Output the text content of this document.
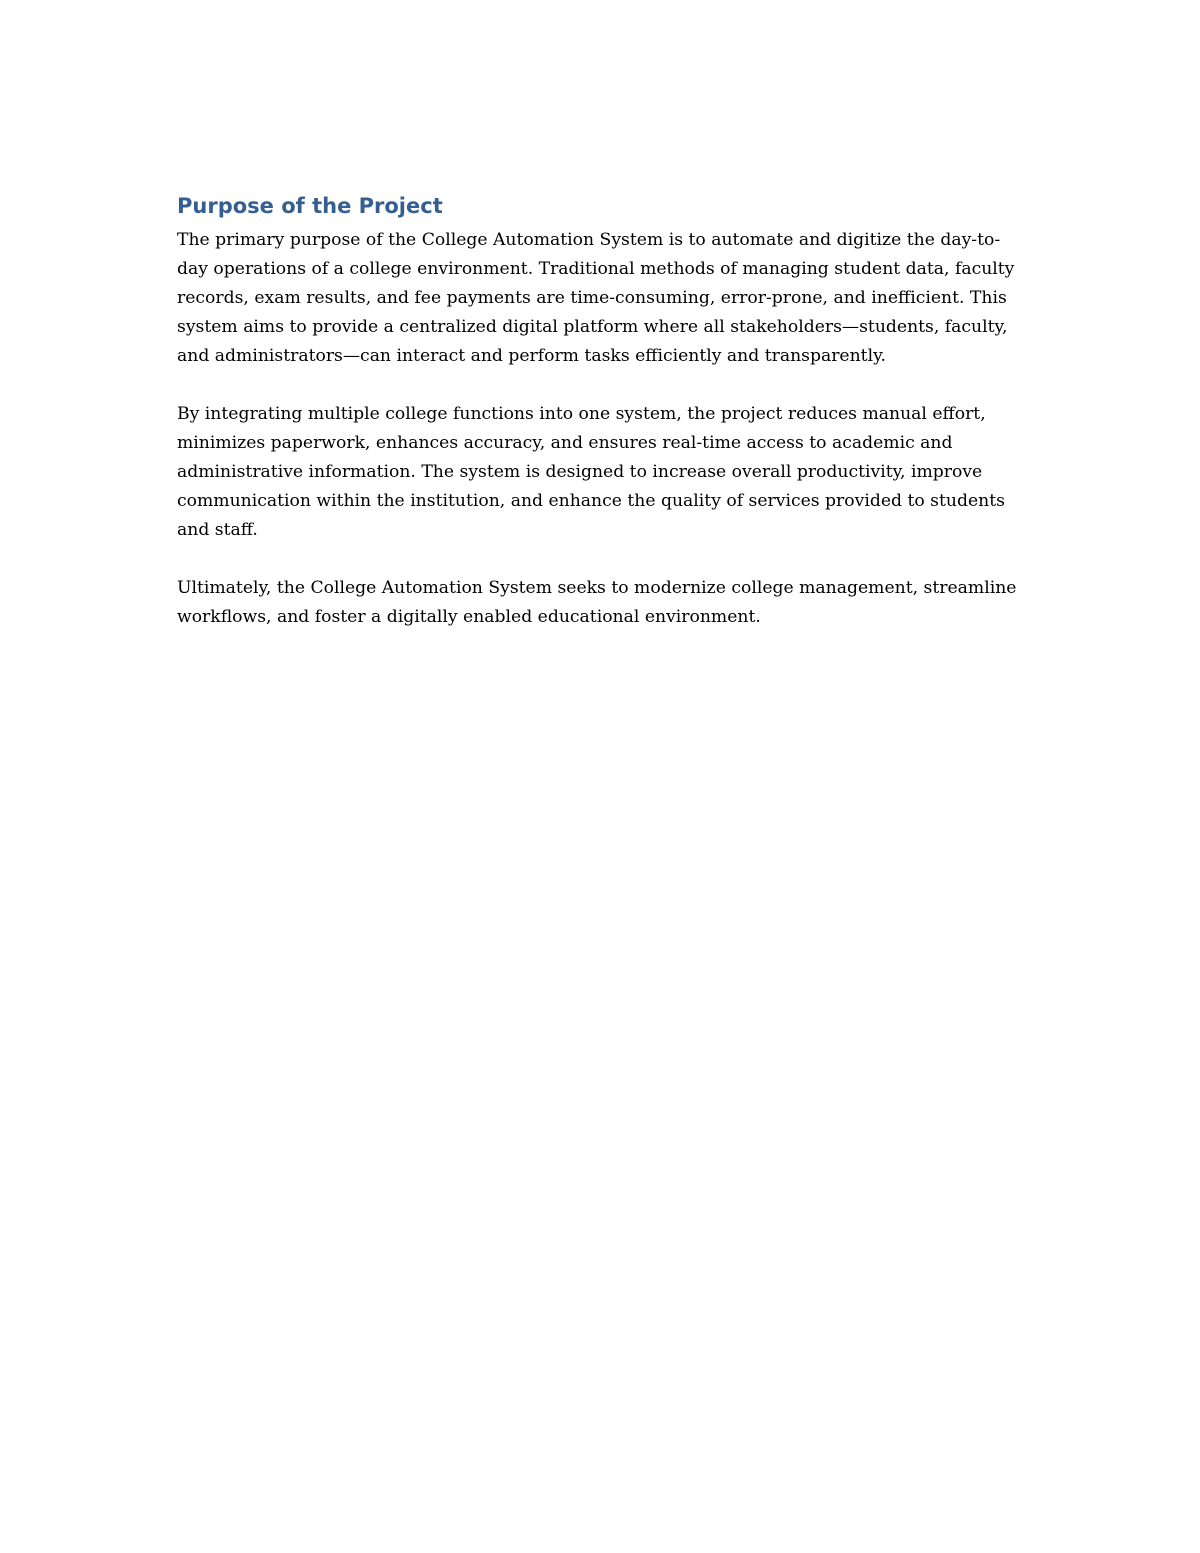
Purpose of the Project

The primary purpose of the College Automation System is to automate and digitize the day-to-day operations of a college environment. Traditional methods of managing student data, faculty records, exam results, and fee payments are time-consuming, error-prone, and inefficient. This system aims to provide a centralized digital platform where all stakeholders—students, faculty, and administrators—can interact and perform tasks efficiently and transparently.

By integrating multiple college functions into one system, the project reduces manual effort, minimizes paperwork, enhances accuracy, and ensures real-time access to academic and administrative information. The system is designed to increase overall productivity, improve communication within the institution, and enhance the quality of services provided to students and staff.

Ultimately, the College Automation System seeks to modernize college management, streamline workflows, and foster a digitally enabled educational environment.
